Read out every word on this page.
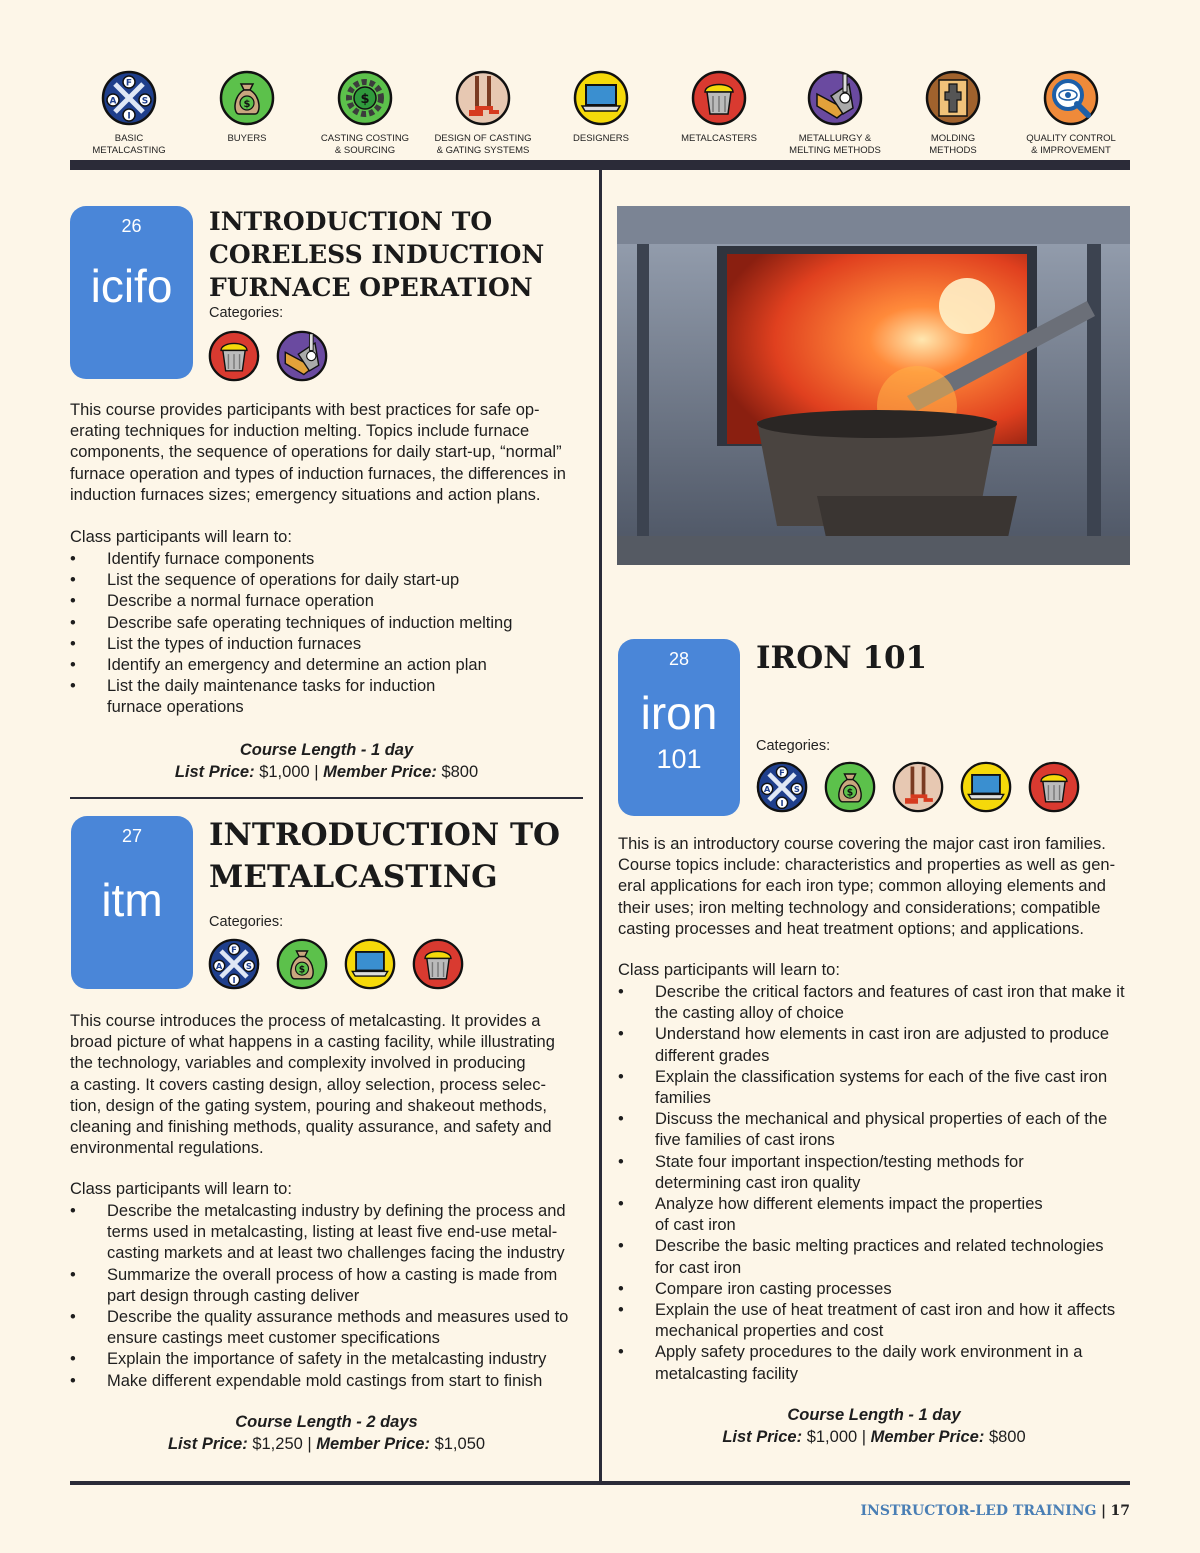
BASIC
METALCASTING
BUYERS	CASTING COSTING
& SOURCING
DESIGN OF CASTING
& GATING SYSTEMS
DESIGNERS	METALCASTERS	METALLURGY &
MELTING METHODS
MOLDING
METHODS
QUALITY CONTROL
& IMPROVEMENT
26
icifo
INTRODUCTION TO
CORELESS INDUCTION
FURNACE OPERATION
Categories:
This course provides participants with best practices for safe op-
erating techniques for induction melting. Topics include furnace
components, the sequence of operations for daily start-up, “normal”
furnace operation and types of induction furnaces, the differences in
induction furnaces sizes; emergency situations and action plans.
Class participants will learn to:
• Identify furnace components
• List the sequence of operations for daily start-up
• Describe a normal furnace operation
• Describe safe operating techniques of induction melting
• List the types of induction furnaces
• Identify an emergency and determine an action plan
• List the daily maintenance tasks for induction
furnace operations
Course Length - 1 day
List Price: $1,000 | Member Price: $800
27
itm
INTRODUCTION TO
METALCASTING
Categories:
This course introduces the process of metalcasting. It provides a
broad picture of what happens in a casting facility, while illustrating
the technology, variables and complexity involved in producing
a casting. It covers casting design, alloy selection, process selec-
tion, design of the gating system, pouring and shakeout methods,
cleaning and finishing methods, quality assurance, and safety and
environmental regulations.
Class participants will learn to:
• Describe the metalcasting industry by defining the process and
terms used in metalcasting, listing at least five end-use metal-
casting markets and at least two challenges facing the industry
• Summarize the overall process of how a casting is made from
part design through casting deliver
• Describe the quality assurance methods and measures used to
ensure castings meet customer specifications
• Explain the importance of safety in the metalcasting industry
• Make different expendable mold castings from start to finish
Course Length - 2 days
List Price: $1,250 | Member Price: $1,050
28
iron
101
IRON 101
Categories:
This is an introductory course covering the major cast iron families.
Course topics include: characteristics and properties as well as gen-
eral applications for each iron type; common alloying elements and
their uses; iron melting technology and considerations; compatible
casting processes and heat treatment options; and applications.
Class participants will learn to:
• Describe the critical factors and features of cast iron that make it
the casting alloy of choice
• Understand how elements in cast iron are adjusted to produce
different grades
• Explain the classification systems for each of the five cast iron
families
• Discuss the mechanical and physical properties of each of the
five families of cast irons
• State four important inspection/testing methods for
determining cast iron quality
• Analyze how different elements impact the properties
of cast iron
• Describe the basic melting practices and related technologies
for cast iron
• Compare iron casting processes
• Explain the use of heat treatment of cast iron and how it affects
mechanical properties and cost
• Apply safety procedures to the daily work environment in a
metalcasting facility
Course Length - 1 day
List Price: $1,000 | Member Price: $800
INSTRUCTOR-LED TRAINING | 17
